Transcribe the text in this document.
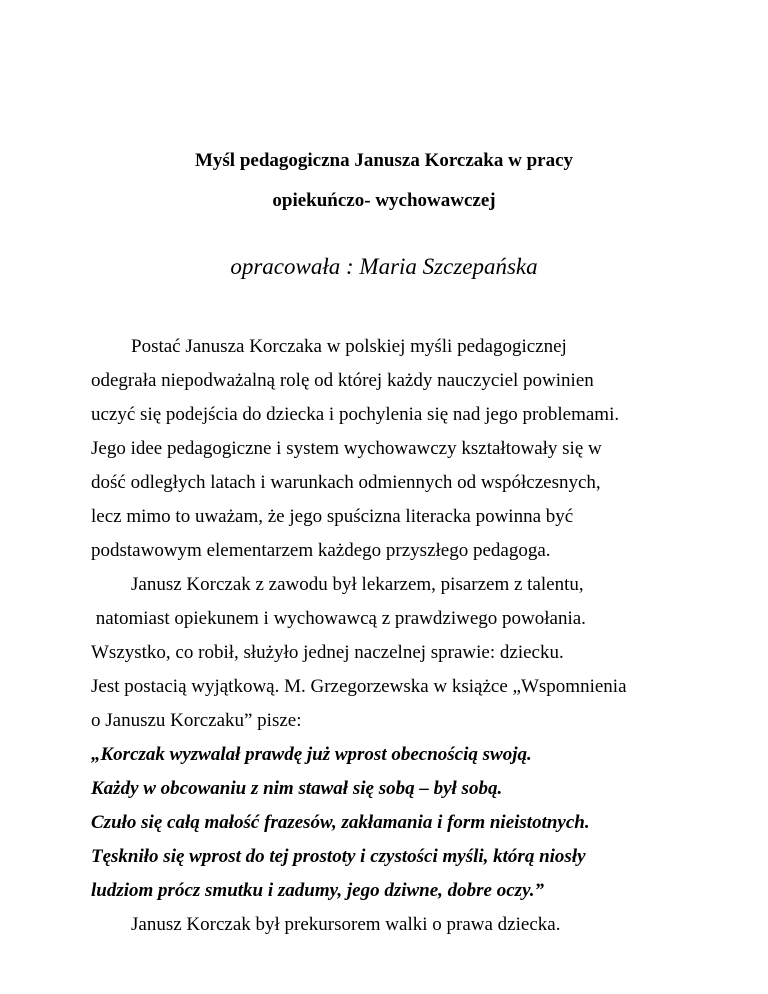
Myśl pedagogiczna Janusza Korczaka w pracy
opiekuńczo- wychowawczej
opracowała : Maria Szczepańska
Postać Janusza Korczaka w polskiej myśli pedagogicznej
odegrała niepodważalną rolę od której każdy nauczyciel powinien
uczyć się podejścia do dziecka i pochylenia się nad jego problemami.
Jego idee pedagogiczne i system wychowawczy kształtowały się w
dość odległych latach i warunkach odmiennych od współczesnych,
lecz mimo to uważam, że jego spuścizna literacka powinna być
podstawowym elementarzem każdego przyszłego pedagoga.
Janusz Korczak z zawodu był lekarzem, pisarzem z talentu,
natomiast opiekunem i wychowawcą z prawdziwego powołania.
Wszystko, co robił, służyło jednej naczelnej sprawie: dziecku.
Jest postacią wyjątkową. M. Grzegorzewska w książce „Wspomnienia
o Januszu Korczaku” pisze:
„Korczak wyzwalał prawdę już wprost obecnością swoją.
Każdy w obcowaniu z nim stawał się sobą – był sobą.
Czuło się całą małość frazesów, zakłamania i form nieistotnych.
Tęskniło się wprost do tej prostoty i czystości myśli, którą niosły
ludziom prócz smutku i zadumy, jego dziwne, dobre oczy.”
Janusz Korczak był prekursorem walki o prawa dziecka.
